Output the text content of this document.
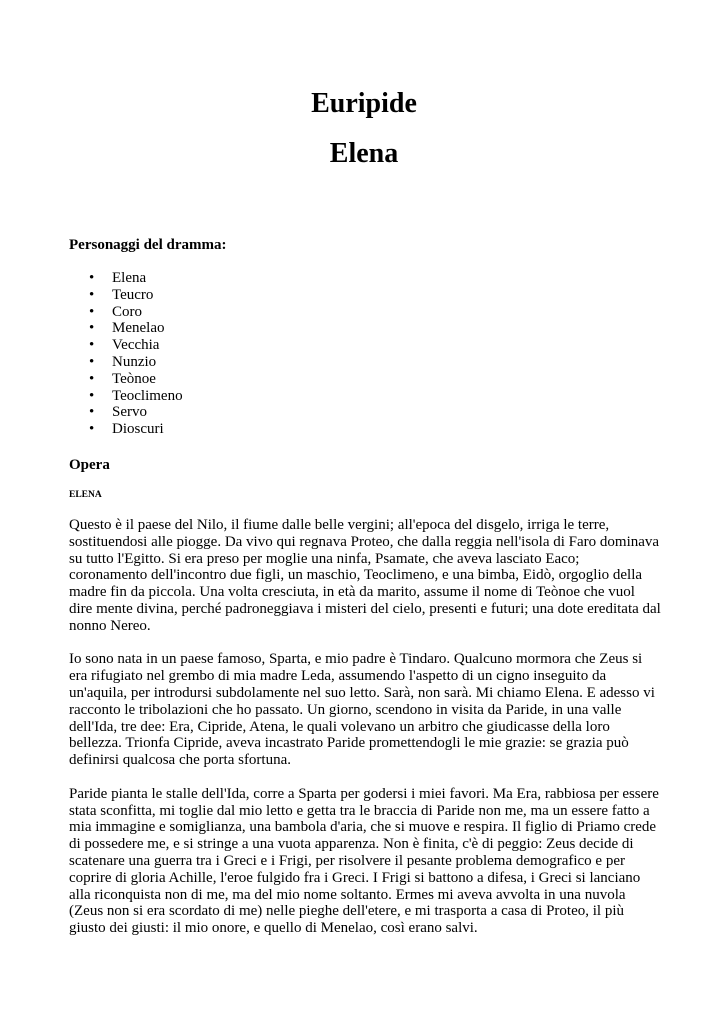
Euripide
Elena
Personaggi del dramma:
• Elena
• Teucro
• Coro
• Menelao
• Vecchia
• Nunzio
• Teònoe
• Teoclimeno
• Servo
• Dioscuri
Opera
ELENA

Questo è il paese del Nilo, il fiume dalle belle vergini; all'epoca del disgelo, irriga le terre, sostituendosi alle piogge. Da vivo qui regnava Proteo, che dalla reggia nell'isola di Faro dominava su tutto l'Egitto. Si era preso per moglie una ninfa, Psamate, che aveva lasciato Eaco; coronamento dell'incontro due figli, un maschio, Teoclimeno, e una bimba, Eidò, orgoglio della madre fin da piccola. Una volta cresciuta, in età da marito, assume il nome di Teònoe che vuol dire mente divina, perché padroneggiava i misteri del cielo, presenti e futuri; una dote ereditata dal nonno Nereo.

Io sono nata in un paese famoso, Sparta, e mio padre è Tindaro. Qualcuno mormora che Zeus si era rifugiato nel grembo di mia madre Leda, assumendo l'aspetto di un cigno inseguito da un'aquila, per introdursi subdolamente nel suo letto. Sarà, non sarà. Mi chiamo Elena. E adesso vi racconto le tribolazioni che ho passato. Un giorno, scendono in visita da Paride, in una valle dell'Ida, tre dee: Era, Cipride, Atena, le quali volevano un arbitro che giudicasse della loro bellezza. Trionfa Cipride, aveva incastrato Paride promettendogli le mie grazie: se grazia può definirsi qualcosa che porta sfortuna.

Paride pianta le stalle dell'Ida, corre a Sparta per godersi i miei favori. Ma Era, rabbiosa per essere stata sconfitta, mi toglie dal mio letto e getta tra le braccia di Paride non me, ma un essere fatto a mia immagine e somiglianza, una bambola d'aria, che si muove e respira. Il figlio di Priamo crede di possedere me, e si stringe a una vuota apparenza. Non è finita, c'è di peggio: Zeus decide di scatenare una guerra tra i Greci e i Frigi, per risolvere il pesante problema demografico e per coprire di gloria Achille, l'eroe fulgido fra i Greci. I Frigi si battono a difesa, i Greci si lanciano alla riconquista non di me, ma del mio nome soltanto. Ermes mi aveva avvolta in una nuvola (Zeus non si era scordato di me) nelle pieghe dell'etere, e mi trasporta a casa di Proteo, il più giusto dei giusti: il mio onore, e quello di Menelao, così erano salvi.
